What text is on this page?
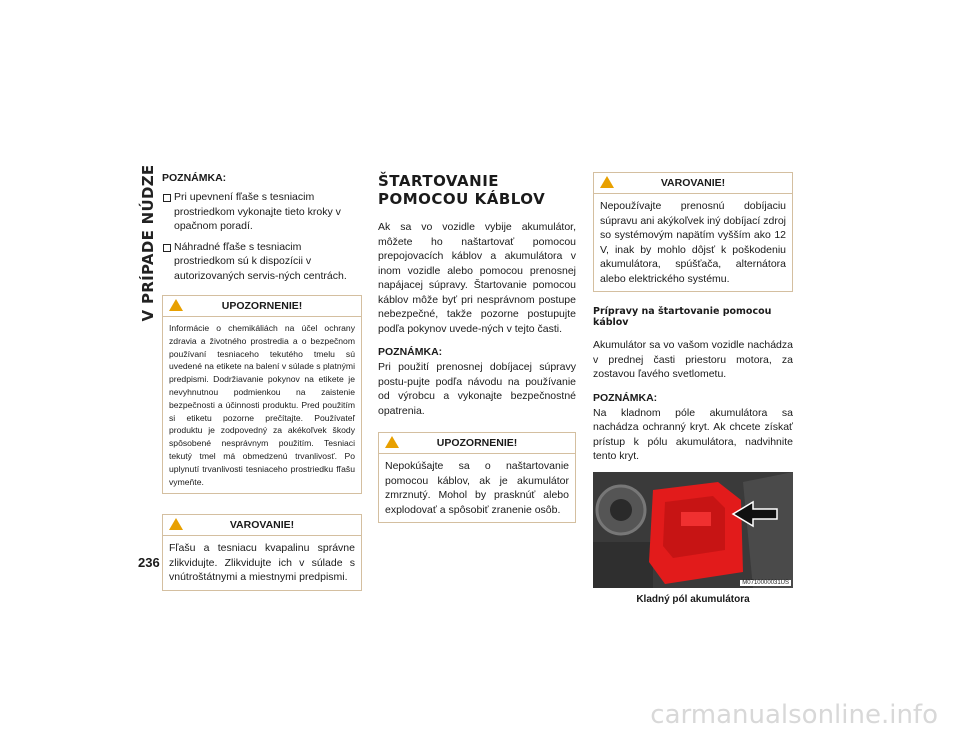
V PRÍPADE NÚDZE
236
POZNÁMKA:
Pri upevnení fľaše s tesniacim prostriedkom vykonajte tieto kroky v opačnom poradí.
Náhradné fľaše s tesniacim prostriedkom sú k dispozícii v autorizovaných servis-ných centrách.
UPOZORNENIE!
Informácie o chemikáliách na účel ochrany zdravia a životného prostredia a o bezpečnom používaní tesniaceho tekutého tmelu sú uvedené na etikete na balení v súlade s platnými predpismi. Dodržiavanie pokynov na etikete je nevyhnutnou podmienkou na zaistenie bezpečnosti a účinnosti produktu. Pred použitím si etiketu pozorne prečítajte. Používateľ produktu je zodpovedný za akékoľvek škody spôsobené nesprávnym použitím. Tesniaci tekutý tmel má obmedzenú trvanlivosť. Po uplynutí trvanlivosti tesniaceho prostriedku fľašu vymeňte.
VAROVANIE!
Fľašu a tesniacu kvapalinu správne zlikvidujte. Zlikvidujte ich v súlade s vnútroštátnymi a miestnymi predpismi.
ŠTARTOVANIE POMOCOU KÁBLOV

Ak sa vo vozidle vybije akumulátor, môžete ho naštartovať pomocou prepojovacích káblov a akumulátora v inom vozidle alebo pomocou prenosnej napájacej súpravy. Štartovanie pomocou káblov môže byť pri nesprávnom postupe nebezpečné, takže pozorne postupujte podľa pokynov uvede-ných v tejto časti.

POZNÁMKA:

Pri použití prenosnej dobíjacej súpravy postu-pujte podľa návodu na používanie od výrobcu a vykonajte bezpečnostné opatrenia.

UPOZORNENIE!
Nepokúšajte sa o naštartovanie pomocou káblov, ak je akumulátor zmrznutý. Mohol by prasknúť alebo explodovať a spôsobiť zranenie osôb.
VAROVANIE!
Nepoužívajte prenosnú dobíjaciu súpravu ani akýkoľvek iný dobíjací zdroj so systémovým napätím vyšším ako 12 V, inak by mohlo dôjsť k poškodeniu akumulátora, spúšťača, alternátora alebo elektrického systému.
Prípravy na štartovanie pomocou káblov

Akumulátor sa vo vašom vozidle nachádza v prednej časti priestoru motora, za zostavou ľavého svetlometu.

POZNÁMKA:

Na kladnom póle akumulátora sa nachádza ochranný kryt. Ak chcete získať prístup k pólu akumulátora, nadvihnite tento kryt.

M0710000031US
Kladný pól akumulátora
carmanualsonline.info
